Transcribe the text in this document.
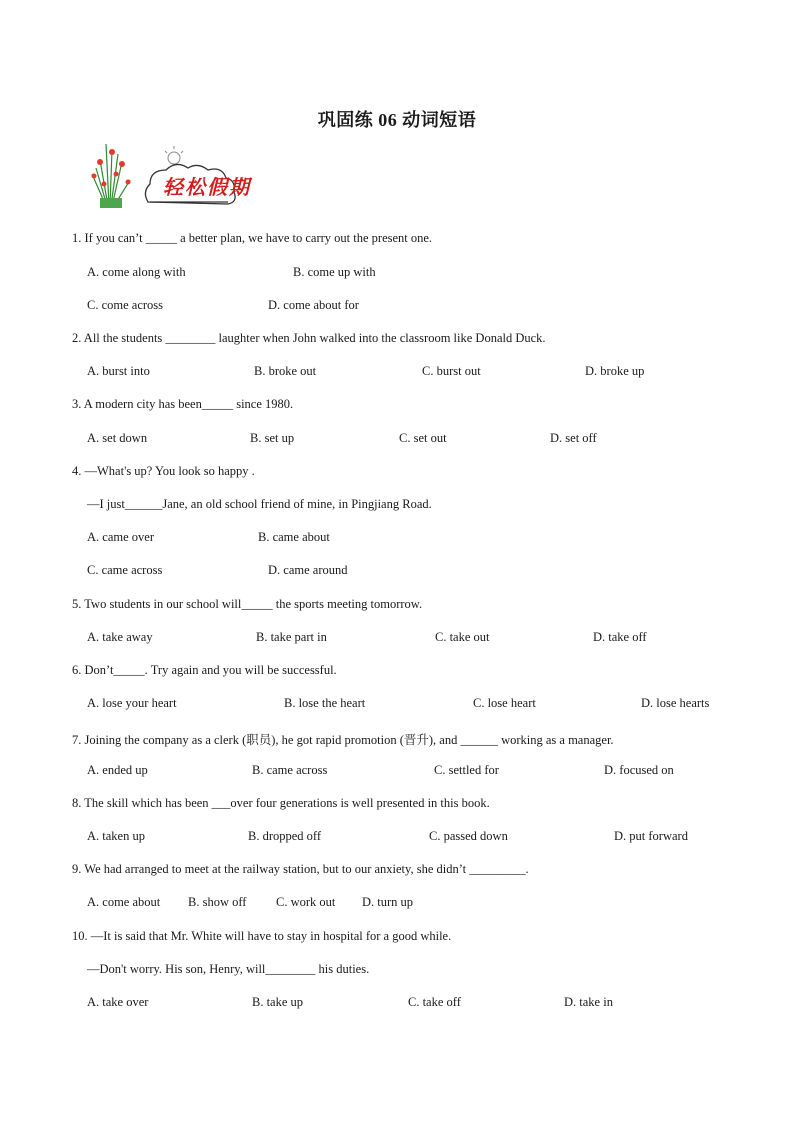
巩固练 06 动词短语
轻松假期
1. If you can’t _____ a better plan, we have to carry out the present one.
A. come along with	B. come up with
C. come across	D. come about for
2. All the students ________ laughter when John walked into the classroom like Donald Duck.
A. burst into	B. broke out	C. burst out	D. broke up
3. A modern city has been_____ since 1980.
A. set down	B. set up	C. set out	D. set off
4. —What's up? You look so happy .
—I just______Jane, an old school friend of mine, in Pingjiang Road.
A. came over	B. came about
C. came across	D. came around
5. Two students in our school will_____ the sports meeting tomorrow.
A. take away	B. take part in	C. take out	D. take off
6. Don’t_____. Try again and you will be successful.
A. lose your heart	B. lose the heart	C. lose heart	D. lose hearts
7. Joining the company as a clerk (职员), he got rapid promotion (晋升), and ______ working as a manager.
A. ended up	B. came across	C. settled for	D. focused on
8. The skill which has been ___over four generations is well presented in this book.
A. taken up	B. dropped off	C. passed down	D. put forward
9. We had arranged to meet at the railway station, but to our anxiety, she didn’t _________.
A. come about B. show off C. work out D. turn up
10. —It is said that Mr. White will have to stay in hospital for a good while.
—Don't worry. His son, Henry, will________ his duties.
A. take over	B. take up	C. take off	D. take in
